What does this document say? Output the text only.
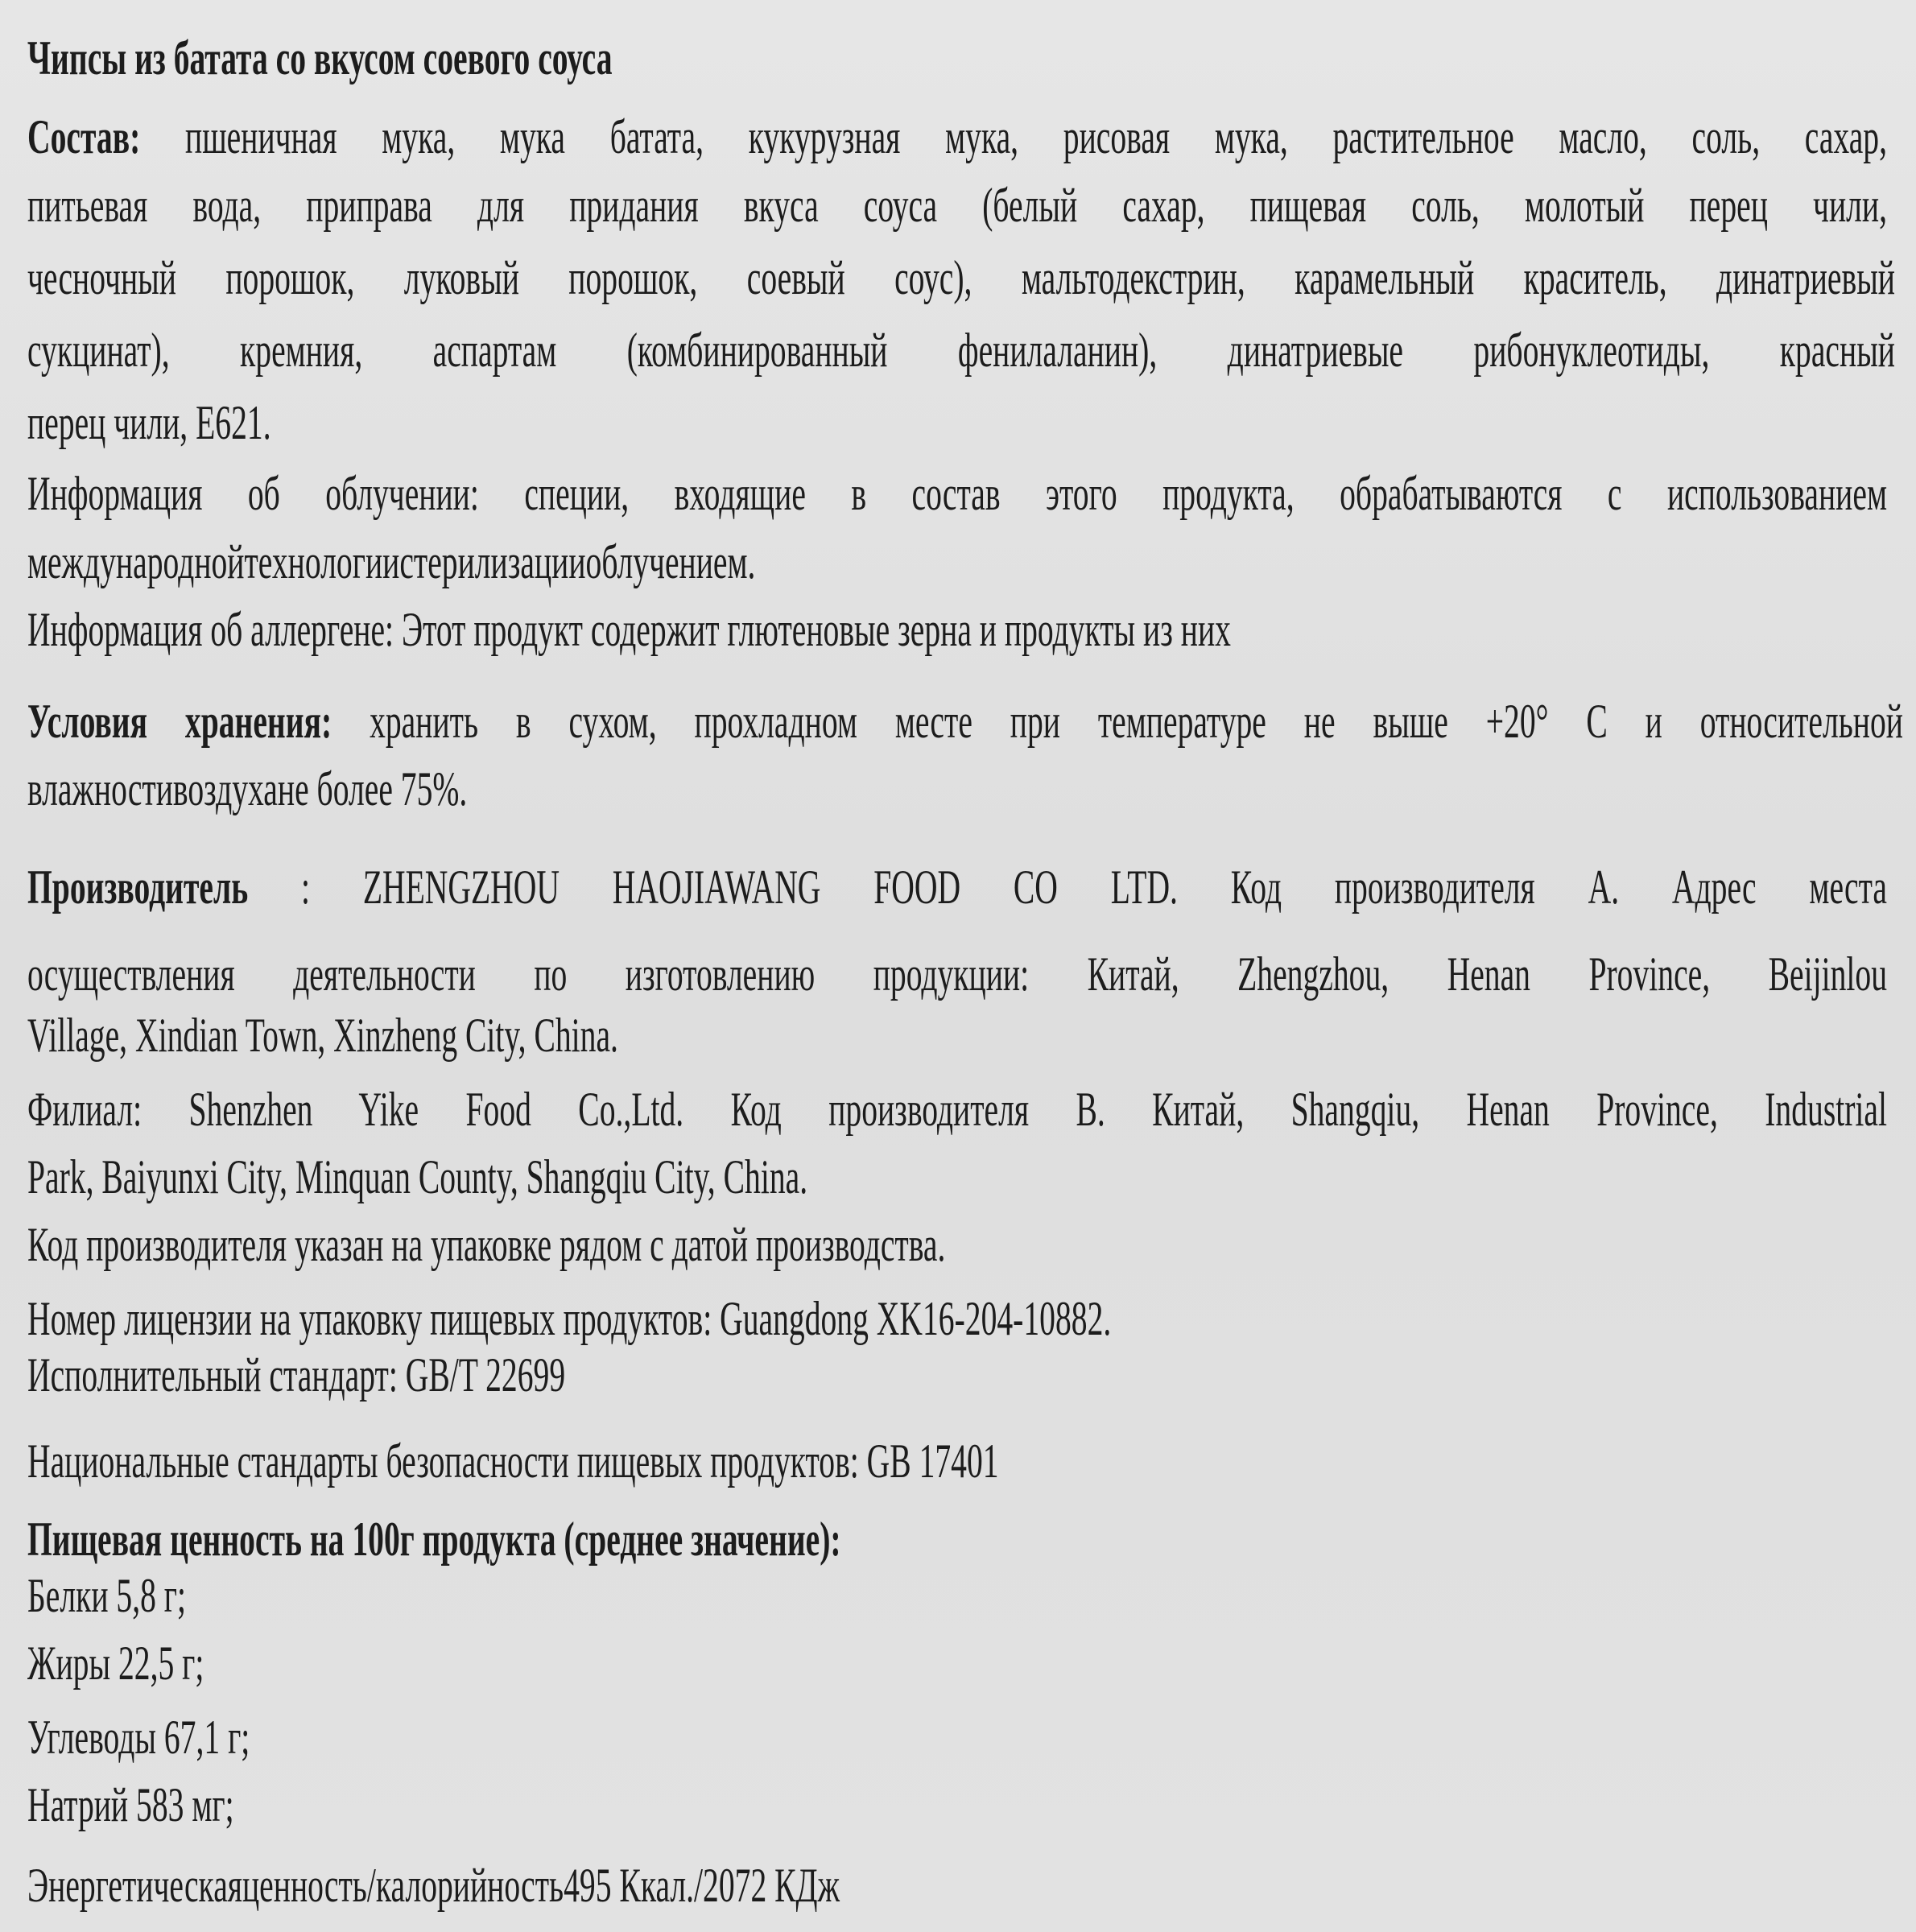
Чипсы из батата со вкусом соевого соуса
Состав: пшеничная мука, мука батата, кукурузная мука, рисовая мука, растительное масло, соль, сахар,
питьевая вода, приправа для придания вкуса соуса (белый сахар, пищевая соль, молотый перец чили,
чесночный порошок, луковый порошок, соевый соус), мальтодекстрин, карамельный краситель, динатриевый
сукцинат), кремния, аспартам (комбинированный фенилаланин), динатриевые рибонуклеотиды, красный
перец чили, E621.
Информация об облучении: специи, входящие в состав этого продукта, обрабатываются с использованием
международнойтехнологиистерилизацииоблучением.
Информация об аллергене: Этот продукт содержит глютеновые зерна и продукты из них
Условия хранения: хранить в сухом, прохладном месте при температуре не выше +20° С и относительной
влажностивоздухане более 75%.
Производитель : ZHENGZHOU HAOJIAWANG FOOD CO LTD. Код производителя А. Адрес места
осуществления деятельности по изготовлению продукции: Китай, Zhengzhou, Henan Province, Beijinlou
Village, Xindian Town, Xinzheng City, China.
Филиал: Shenzhen Yike Food Co.,Ltd. Код производителя В. Китай, Shangqiu, Henan Province, Industrial
Park, Baiyunxi City, Minquan County, Shangqiu City, China.
Код производителя указан на упаковке рядом с датой производства.
Номер лицензии на упаковку пищевых продуктов: Guangdong XK16-204-10882.
Исполнительный стандарт: GB/T 22699
Национальные стандарты безопасности пищевых продуктов: GB 17401
Пищевая ценность на 100г продукта (среднее значение):
Белки 5,8 г;
Жиры 22,5 г;
Углеводы 67,1 г;
Натрий 583 мг;
Энергетическаяценность/калорийность495 Ккал./2072 КДж
